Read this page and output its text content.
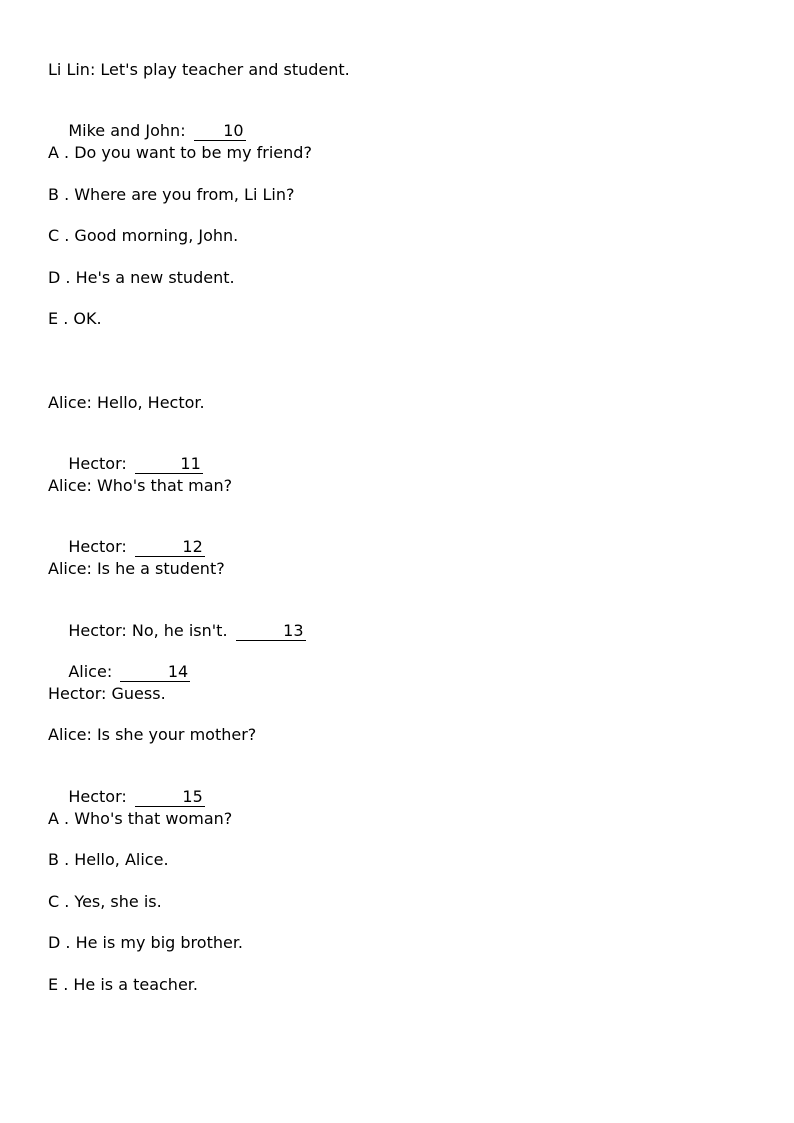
Li Lin: Let's play teacher and student.

Mike and John: 10

A . Do you want to be my friend?
B . Where are you from, Li Lin?
C . Good morning, John.
D . He's a new student.
E . OK.
Alice: Hello, Hector.

Hector:	11

Alice: Who's that man?

Hector:	12

Alice: Is he a student?

Hector: No, he isn't.	13

Alice:	14

Hector: Guess.
Alice: Is she your mother?

Hector:	15

A . Who's that woman?
B . Hello, Alice.
C . Yes, she is.
D . He is my big brother.
E . He is a teacher.
